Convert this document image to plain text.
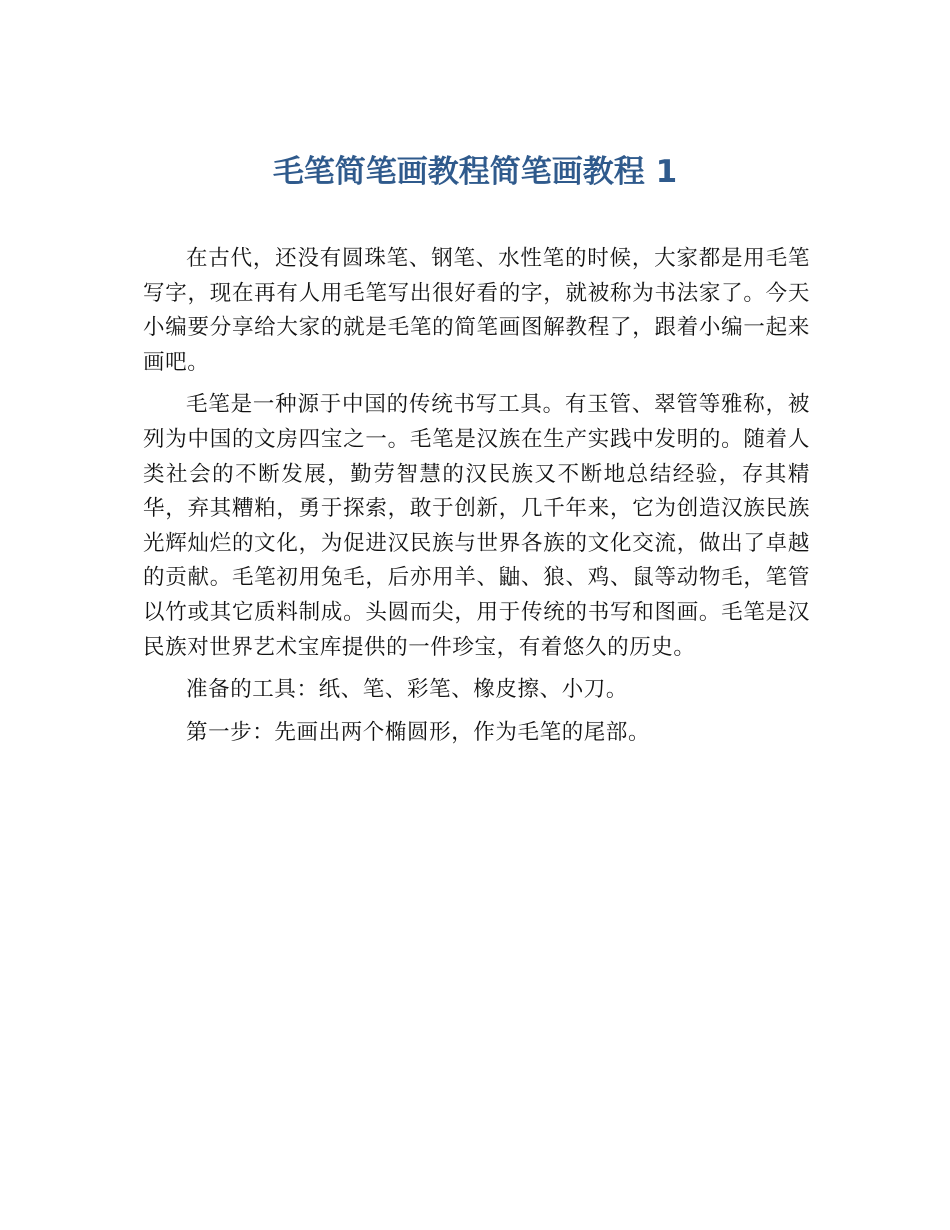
毛笔简笔画教程简笔画教程 1

在古代，还没有圆珠笔、钢笔、水性笔的时候，大家都是用毛笔写字，现在再有人用毛笔写出很好看的字，就被称为书法家了。今天小编要分享给大家的就是毛笔的简笔画图解教程了，跟着小编一起来画吧。

毛笔是一种源于中国的传统书写工具。有玉管、翠管等雅称，被列为中国的文房四宝之一。毛笔是汉族在生产实践中发明的。随着人类社会的不断发展，勤劳智慧的汉民族又不断地总结经验，存其精华，弃其糟粕，勇于探索，敢于创新，几千年来，它为创造汉族民族光辉灿烂的文化，为促进汉民族与世界各族的文化交流，做出了卓越的贡献。毛笔初用兔毛，后亦用羊、鼬、狼、鸡、鼠等动物毛，笔管以竹或其它质料制成。头圆而尖，用于传统的书写和图画。毛笔是汉民族对世界艺术宝库提供的一件珍宝，有着悠久的历史。

准备的工具：纸、笔、彩笔、橡皮擦、小刀。

第一步：先画出两个椭圆形，作为毛笔的尾部。
